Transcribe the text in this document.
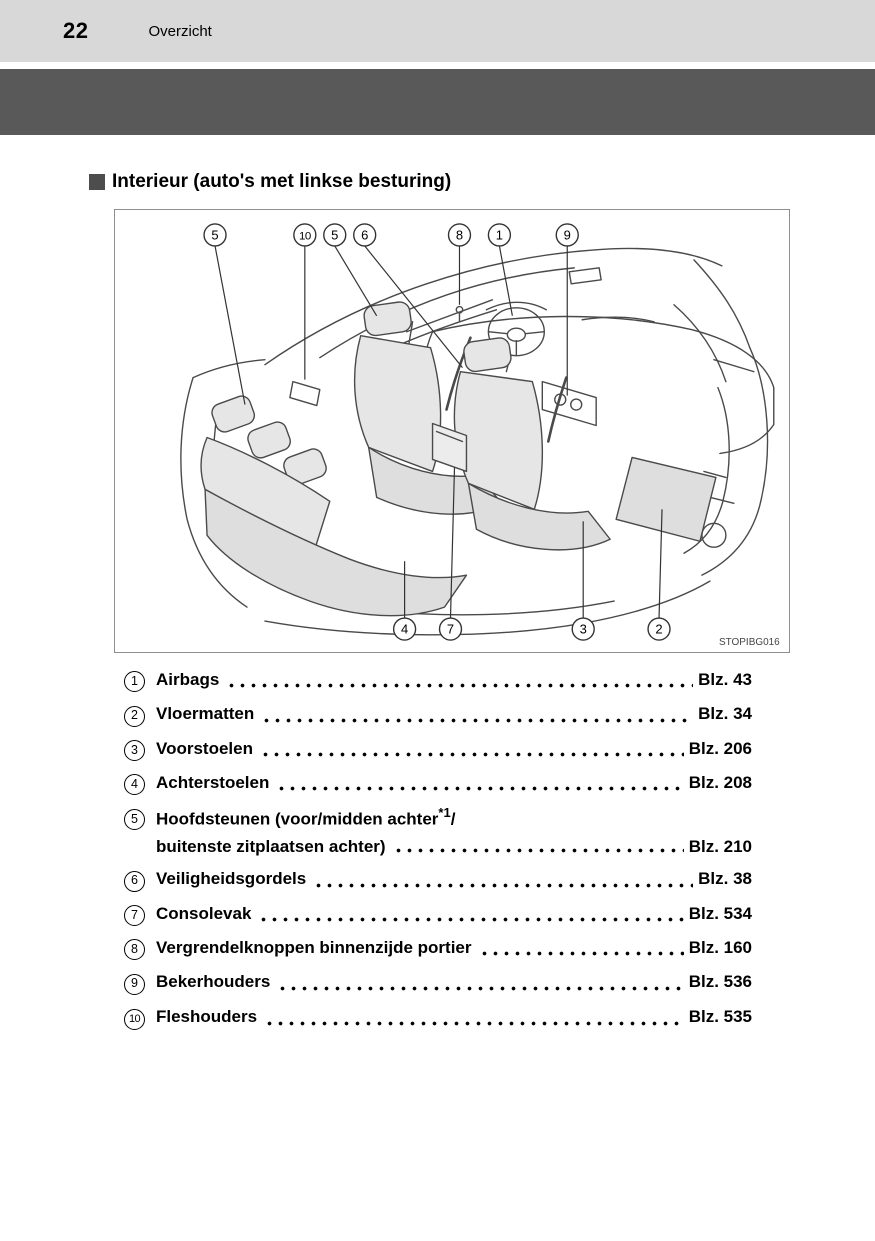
22	Overzicht
Interieur (auto's met linkse besturing)
5	10 5 6	8	1	9
4	7	3	2
STOPIBG016
1	Airbags	Blz. 43
2	Vloermatten	Blz. 34
3	Voorstoelen	Blz. 206
4	Achterstoelen	Blz. 208
5	Hoofdsteunen (voor/midden achter$^{*1}$/
buitenste zitplaatsen achter)	Blz. 210
6	Veiligheidsgordels	Blz. 38
7	Consolevak	Blz. 534
8	Vergrendelknoppen binnenzijde portier	Blz. 160
9	Bekerhouders	Blz. 536
10 Fleshouders	Blz. 535
